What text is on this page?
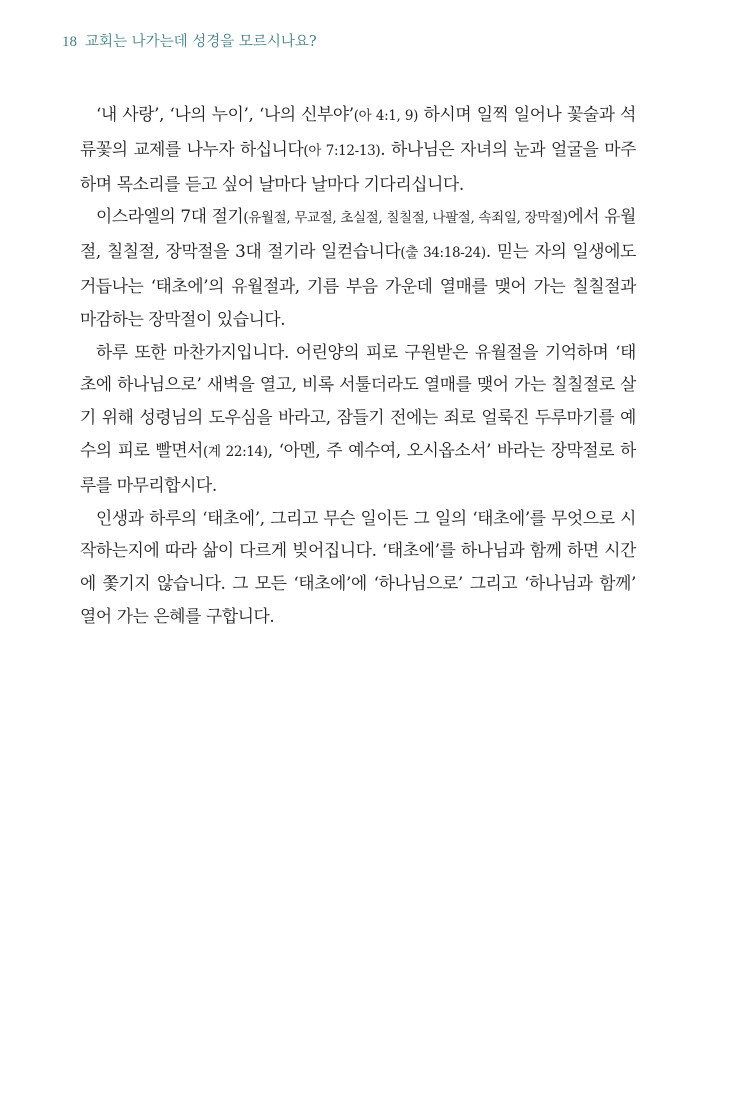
18 교회는 나가는데 성경을 모르시나요?

‘내 사랑’, ‘나의 누이’, ‘나의 신부야’(아 4:1, 9) 하시며 일찍 일어나 꽃술과 석류꽃의 교제를 나누자 하십니다(아 7:12-13). 하나님은 자녀의 눈과 얼굴을 마주하며 목소리를 듣고 싶어 날마다 날마다 기다리십니다.

이스라엘의 7대 절기(유월절, 무교절, 초실절, 칠칠절, 나팔절, 속죄일, 장막절)에서 유월절, 칠칠절, 장막절을 3대 절기라 일컫습니다(출 34:18-24). 믿는 자의 일생에도 거듭나는 ‘태초에’의 유월절과, 기름 부음 가운데 열매를 맺어 가는 칠칠절과 마감하는 장막절이 있습니다.

하루 또한 마찬가지입니다. 어린양의 피로 구원받은 유월절을 기억하며 ‘태초에 하나님으로’ 새벽을 열고, 비록 서툴더라도 열매를 맺어 가는 칠칠절로 살기 위해 성령님의 도우심을 바라고, 잠들기 전에는 죄로 얼룩진 두루마기를 예수의 피로 빨면서(계 22:14), ‘아멘, 주 예수여, 오시옵소서’ 바라는 장막절로 하루를 마무리합시다.

인생과 하루의 ‘태초에’, 그리고 무슨 일이든 그 일의 ‘태초에’를 무엇으로 시작하는지에 따라 삶이 다르게 빚어집니다. ‘태초에’를 하나님과 함께 하면 시간에 쫓기지 않습니다. 그 모든 ‘태초에’에 ‘하나님으로’ 그리고 ‘하나님과 함께’ 열어 가는 은혜를 구합니다.
